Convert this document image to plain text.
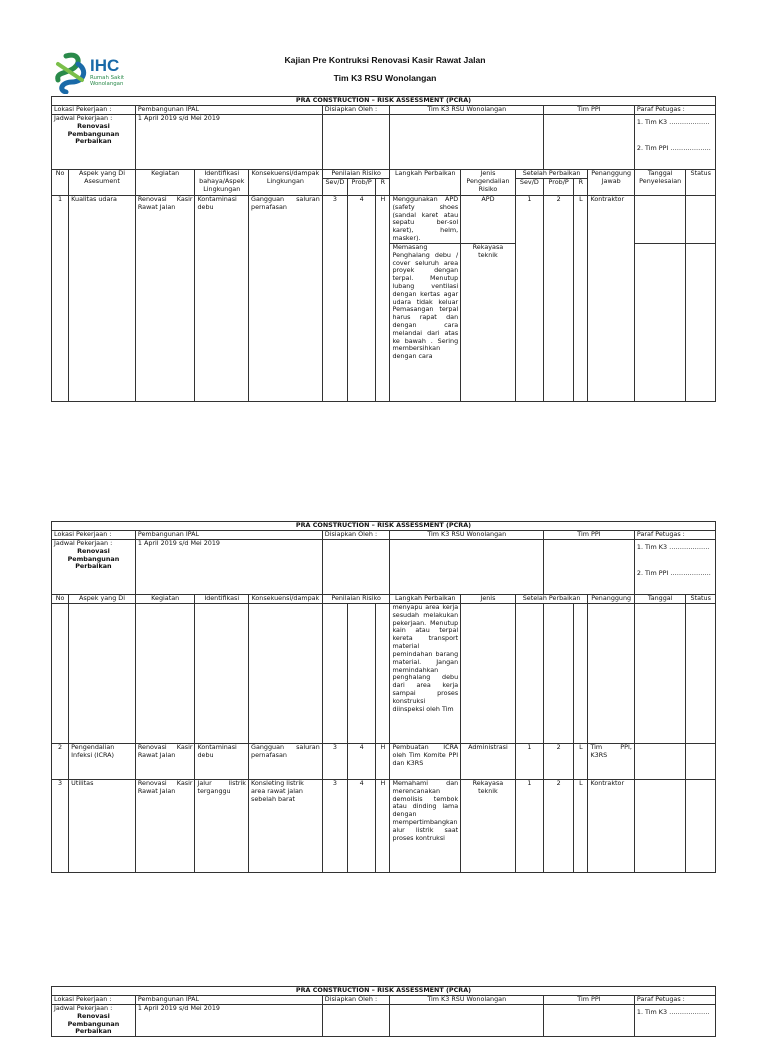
IHC
Rumah Sakit
Wonolangan
Kajian Pre Kontruksi Renovasi Kasir Rawat Jalan
Tim K3 RSU Wonolangan
PRA CONSTRUCTION – RISK ASSESSMENT (PCRA)															
Lokasi Pekerjaan :		Pembangunan IPAL			Disiapkan Oleh :			Tim K3 RSU Wonolangan			Tim PPI			Paraf Petugas :	

Jadwal Pekerjaan :
Renovasi Pembangunan Perbaikan		1 April 2019 s/d Mei 2019												1. Tim K3 ……………….
2. Tim PPI ……………….	

No	Aspek yang Di Asesument	Kegiatan	Identifikasi bahaya/Aspek Lingkungan	Konsekuensi/dampak Lingkungan	Penilaian Risiko			Langkah Perbaikan	Jenis Pengendalian Risiko	Setelah Perbaikan			Penanggung Jawab	Tanggal Penyelesaian	Status
					Sev/D	Prob/P	R			Sev/D	Prob/P	R			
1	Kualitas udara	Renovasi Kasir Rawat Jalan	Kontaminasi debu	Gangguan saluran pernafasan	3	4	H	Menggunakan APD (safety shoes (sandal karet atau sepatu ber-sol karet), helm, masker).	APD	1	2	L	Kontraktor		
								Memasang Penghalang debu / cover seluruh area proyek dengan terpal. Menutup lubang ventilasi dengan kertas agar udara tidak keluar Pemasangan terpal harus rapat dan dengan cara melandai dari atas ke bawah . Sering membersihkan dengan cara	Rekayasa teknik						
PRA CONSTRUCTION – RISK ASSESSMENT (PCRA)															
Lokasi Pekerjaan :		Pembangunan IPAL			Disiapkan Oleh :			Tim K3 RSU Wonolangan			Tim PPI			Paraf Petugas :	

Jadwal Pekerjaan :
Renovasi Pembangunan Perbaikan		1 April 2019 s/d Mei 2019												1. Tim K3 ……………….
2. Tim PPI ……………….	

No	Aspek yang Di	Kegiatan	Identifikasi	Konsekuensi/dampak	Penilaian Risiko			Langkah Perbaikan	Jenis	Setelah Perbaikan			Penanggung	Tanggal	Status
								menyapu area kerja sesudah melakukan pekerjaan. Menutup kain atau terpal kereta transport material pemindahan barang material. Jangan memindahkan penghalang debu dari area kerja sampai proses konstruksi diinspeksi oleh Tim							
2	Pengendalian Infeksi (ICRA)	Renovasi Kasir Rawat Jalan	Kontaminasi debu	Gangguan saluran pernafasan	3	4	H	Pembuatan ICRA oleh Tim Komite PPI dan K3RS	Administrasi	1	2	L	Tim PPI, K3RS		
3	Utilitas	Renovasi Kasir Rawat Jalan	Jalur listrik terganggu	Konsleting listrik area rawat jalan sebelah barat	3	4	H	Memahami dan merencanakan demolisis tembok atau dinding lama dengan mempertimbangkan alur listrik saat proses kontruksi	Rekayasa teknik	1	2	L	Kontraktor		
PRA CONSTRUCTION – RISK ASSESSMENT (PCRA)					
Lokasi Pekerjaan :	Pembangunan IPAL	Disiapkan Oleh :	Tim K3 RSU Wonolangan	Tim PPI	Paraf Petugas :

Jadwal Pekerjaan :
Renovasi Pembangunan Perbaikan	1 April 2019 s/d Mei 2019				1. Tim K3 ……………….
